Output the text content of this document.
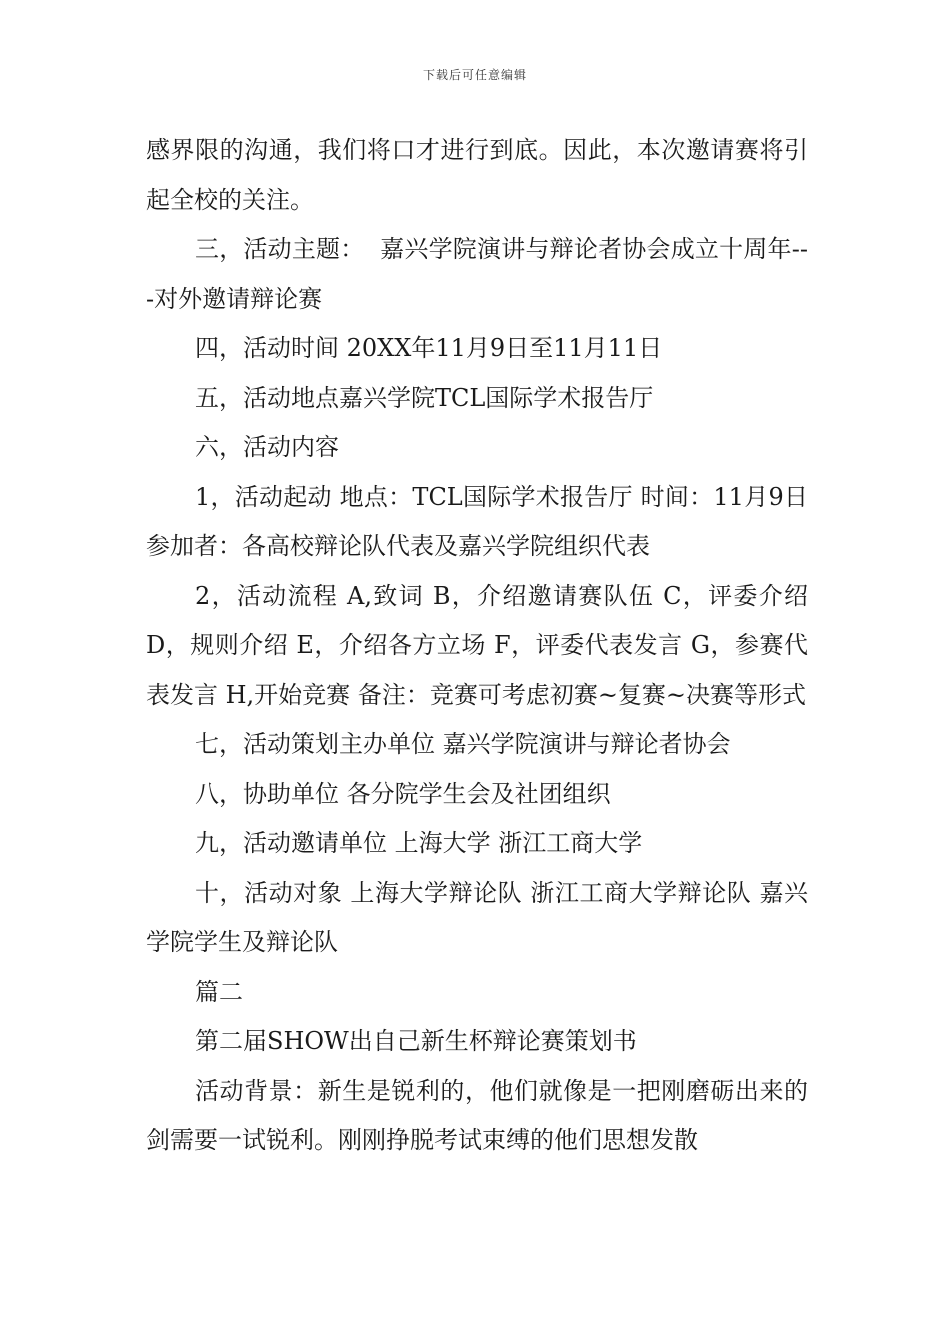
下载后可任意编辑

感界限的沟通，我们将口才进行到底。因此，本次邀请赛将引起全校的关注。

三，活动主题：  嘉兴学院演讲与辩论者协会成立十周年---对外邀请辩论赛

四，活动时间 20XX年11月9日至11月11日

五，活动地点嘉兴学院TCL国际学术报告厅

六，活动内容

1，活动起动 地点：TCL国际学术报告厅 时间：11月9日参加者：各高校辩论队代表及嘉兴学院组织代表

2，活动流程 A,致词 B，介绍邀请赛队伍 C，评委介绍 D，规则介绍 E，介绍各方立场 F，评委代表发言 G，参赛代表发言 H,开始竞赛 备注：竞赛可考虑初赛~复赛~决赛等形式

七，活动策划主办单位 嘉兴学院演讲与辩论者协会

八，协助单位 各分院学生会及社团组织

九，活动邀请单位 上海大学 浙江工商大学

十，活动对象 上海大学辩论队 浙江工商大学辩论队 嘉兴学院学生及辩论队

篇二

第二届SHOW出自己新生杯辩论赛策划书

活动背景：新生是锐利的，他们就像是一把刚磨砺出来的剑需要一试锐利。刚刚挣脱考试束缚的他们思想发散
